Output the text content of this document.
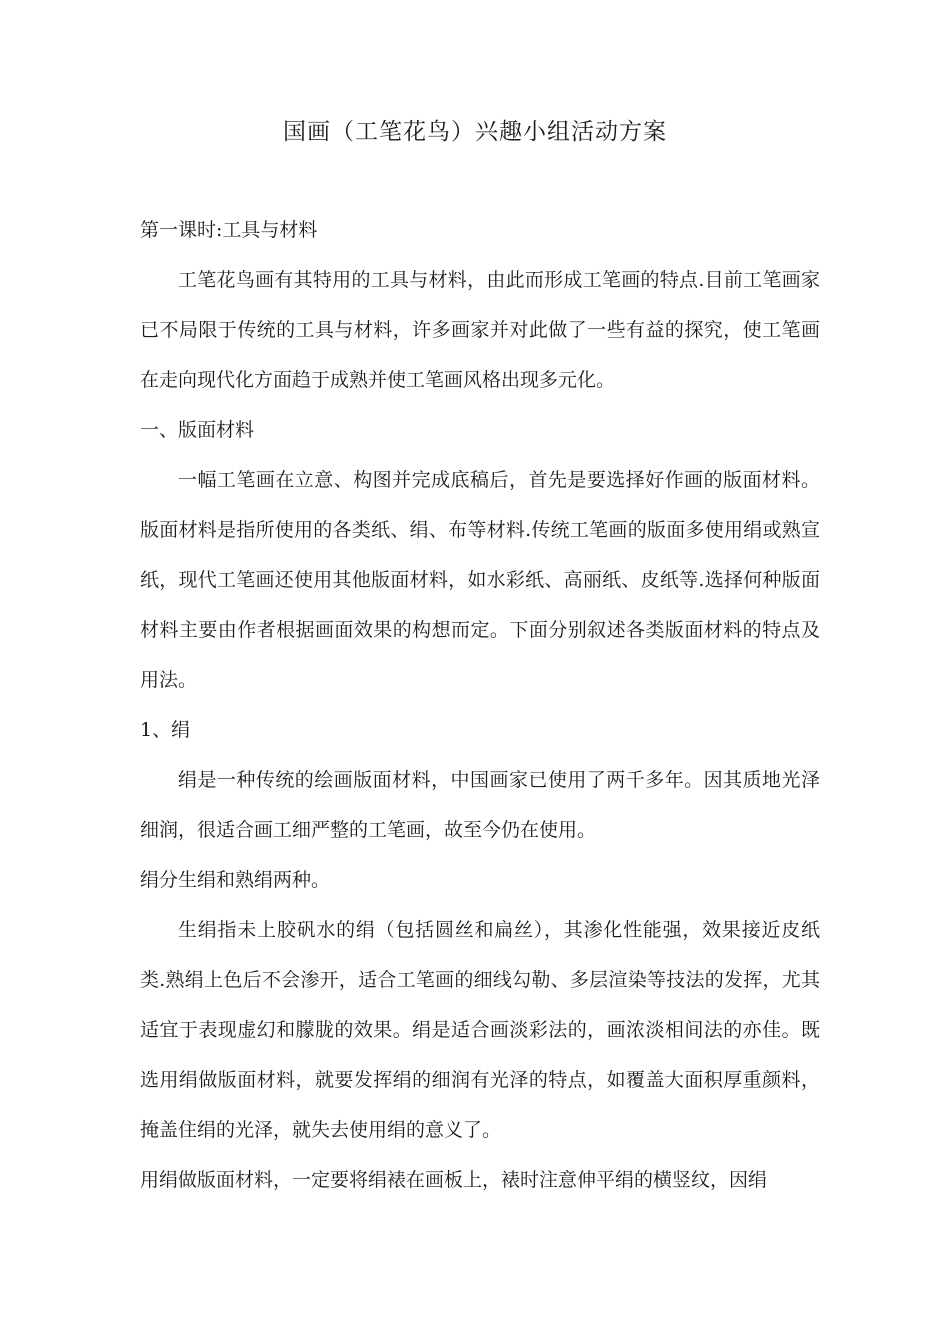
国画（工笔花鸟）兴趣小组活动方案

第一课时:工具与材料

工笔花鸟画有其特用的工具与材料，由此而形成工笔画的特点.目前工笔画家已不局限于传统的工具与材料，许多画家并对此做了一些有益的探究，使工笔画在走向现代化方面趋于成熟并使工笔画风格出现多元化。

一、版面材料

一幅工笔画在立意、构图并完成底稿后，首先是要选择好作画的版面材料。版面材料是指所使用的各类纸、绢、布等材料.传统工笔画的版面多使用绢或熟宣纸，现代工笔画还使用其他版面材料，如水彩纸、高丽纸、皮纸等.选择何种版面材料主要由作者根据画面效果的构想而定。下面分别叙述各类版面材料的特点及用法。

1、绢

绢是一种传统的绘画版面材料，中国画家已使用了两千多年。因其质地光泽细润，很适合画工细严整的工笔画，故至今仍在使用。

绢分生绢和熟绢两种。

生绢指未上胶矾水的绢（包括圆丝和扁丝），其渗化性能强，效果接近皮纸类.熟绢上色后不会渗开，适合工笔画的细线勾勒、多层渲染等技法的发挥，尤其适宜于表现虚幻和朦胧的效果。绢是适合画淡彩法的，画浓淡相间法的亦佳。既选用绢做版面材料，就要发挥绢的细润有光泽的特点，如覆盖大面积厚重颜料，掩盖住绢的光泽，就失去使用绢的意义了。

用绢做版面材料，一定要将绢裱在画板上，裱时注意伸平绢的横竖纹，因绢
